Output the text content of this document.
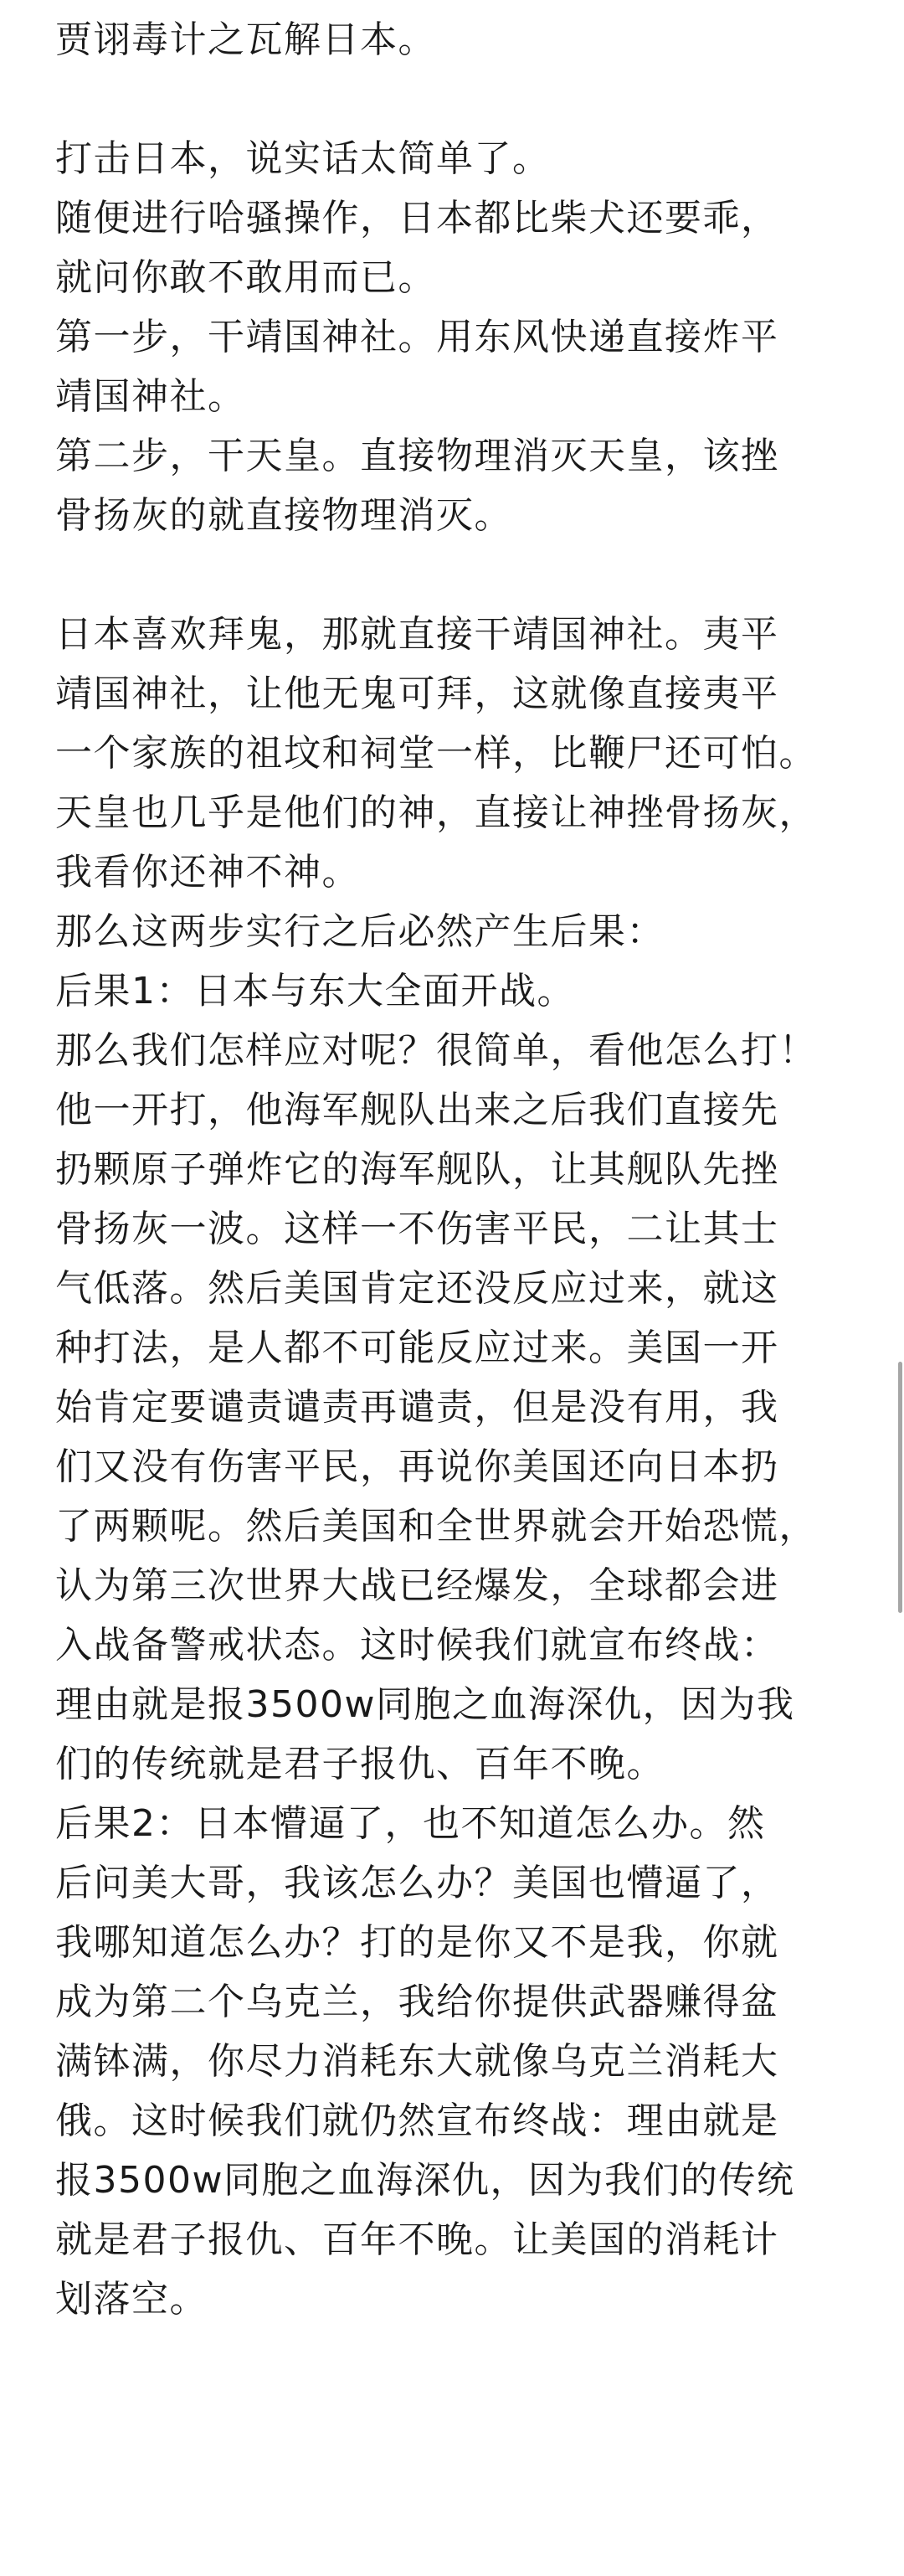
贾诩毒计之瓦解日本。
打击日本，说实话太简单了。
随便进行哈骚操作，日本都比柴犬还要乖，
就问你敢不敢用而已。
第一步，干靖国神社。用东风快递直接炸平
靖国神社。
第二步，干天皇。直接物理消灭天皇，该挫
骨扬灰的就直接物理消灭。
日本喜欢拜鬼，那就直接干靖国神社。夷平
靖国神社，让他无鬼可拜，这就像直接夷平
一个家族的祖坟和祠堂一样，比鞭尸还可怕。
天皇也几乎是他们的神，直接让神挫骨扬灰，
我看你还神不神。
那么这两步实行之后必然产生后果：
后果1：日本与东大全面开战。
那么我们怎样应对呢？很简单，看他怎么打！
他一开打，他海军舰队出来之后我们直接先
扔颗原子弹炸它的海军舰队，让其舰队先挫
骨扬灰一波。这样一不伤害平民，二让其士
气低落。然后美国肯定还没反应过来，就这
种打法，是人都不可能反应过来。美国一开
始肯定要谴责谴责再谴责，但是没有用，我
们又没有伤害平民，再说你美国还向日本扔
了两颗呢。然后美国和全世界就会开始恐慌，
认为第三次世界大战已经爆发，全球都会进
入战备警戒状态。这时候我们就宣布终战：
理由就是报3500w同胞之血海深仇，因为我
们的传统就是君子报仇、百年不晚。
后果2：日本懵逼了，也不知道怎么办。然
后问美大哥，我该怎么办？美国也懵逼了，
我哪知道怎么办？打的是你又不是我，你就
成为第二个乌克兰，我给你提供武器赚得盆
满钵满，你尽力消耗东大就像乌克兰消耗大
俄。这时候我们就仍然宣布终战：理由就是
报3500w同胞之血海深仇，因为我们的传统
就是君子报仇、百年不晚。让美国的消耗计
划落空。
